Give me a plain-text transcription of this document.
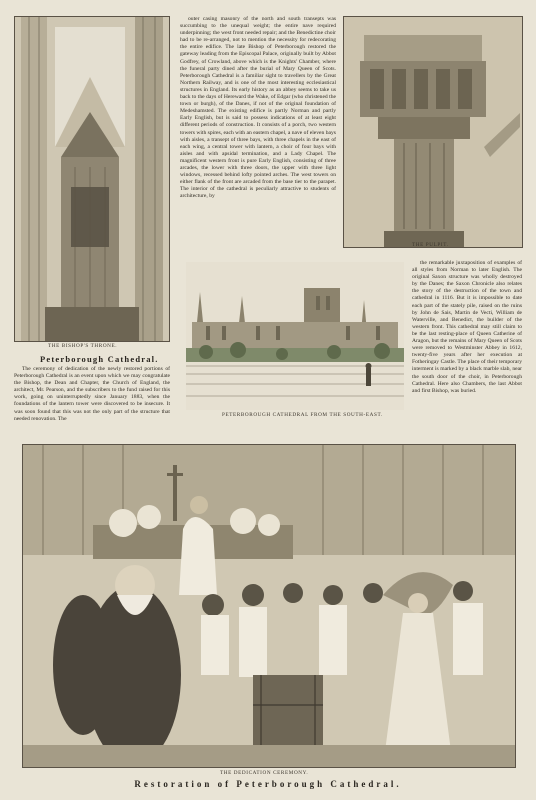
THE BISHOP'S THRONE.
THE PULPIT.
Peterborough Cathedral.

The ceremony of dedication of the newly restored portions of Peterborough Cathedral is an event upon which we may congratulate the Bishop, the Dean and Chapter, the Church of England, the architect, Mr. Pearson, and the subscribers to the fund raised for this work, going on uninterruptedly since January 1883, when the foundations of the lantern tower were discovered to be insecure. It was soon found that this was not the only part of the structure that needed renovation. The

outer casing masonry of the north and south transepts was succumbing to the unequal weight; the entire nave required underpinning; the west front needed repair; and the Benedictine choir had to be re-arranged, not to mention the necessity for redecorating the entire edifice. The late Bishop of Peterborough restored the gateway leading from the Episcopal Palace, originally built by Abbot Godfrey, of Crowland, above which is the Knights' Chamber, where the funeral party dined after the burial of Mary Queen of Scots. Peterborough Cathedral is a familiar sight to travellers by the Great Northern Railway, and is one of the most interesting ecclesiastical structures in England. Its early history as an abbey seems to take us back to the days of Hereward the Wake, of Edgar (who christened the town or burgh), of the Danes, if not of the original foundation of Medeshamsted. The existing edifice is partly Norman and partly Early English, but is said to possess indications of at least eight different periods of construction. It consists of a porch, two western towers with spires, each with an eastern chapel, a nave of eleven bays with aisles, a transept of three bays, with three chapels in the east of each wing, a central tower with lantern, a choir of four bays with aisles and with apsidal termination, and a Lady Chapel. The magnificent western front is pure Early English, consisting of three arcades, the lower with three doors, the upper with three light windows, recessed behind lofty pointed arches. The west towers on either flank of the front are arcaded from the base tier to the parapet. The interior of the cathedral is peculiarly attractive to students of architecture, by

PETERBOROUGH CATHEDRAL FROM THE SOUTH-EAST.

the remarkable juxtaposition of examples of all styles from Norman to later English. The original Saxon structure was wholly destroyed by the Danes; the Saxon Chronicle also relates the story of the destruction of the town and cathedral in 1116. But it is impossible to date each part of the stately pile, raised on the ruins by John de Sais, Martin de Vecti, William de Waterville, and Benedict, the builder of the western front. This cathedral may still claim to be the last resting-place of Queen Catherine of Aragon, but the remains of Mary Queen of Scots were removed to Westminster Abbey in 1612, twenty-five years after her execution at Fotheringay Castle. The place of their temporary interment is marked by a black marble slab, near the south door of the choir, in Peterborough Cathedral. Here also Chambers, the last Abbot and first Bishop, was buried.

THE DEDICATION CEREMONY.
Restoration of Peterborough Cathedral.
